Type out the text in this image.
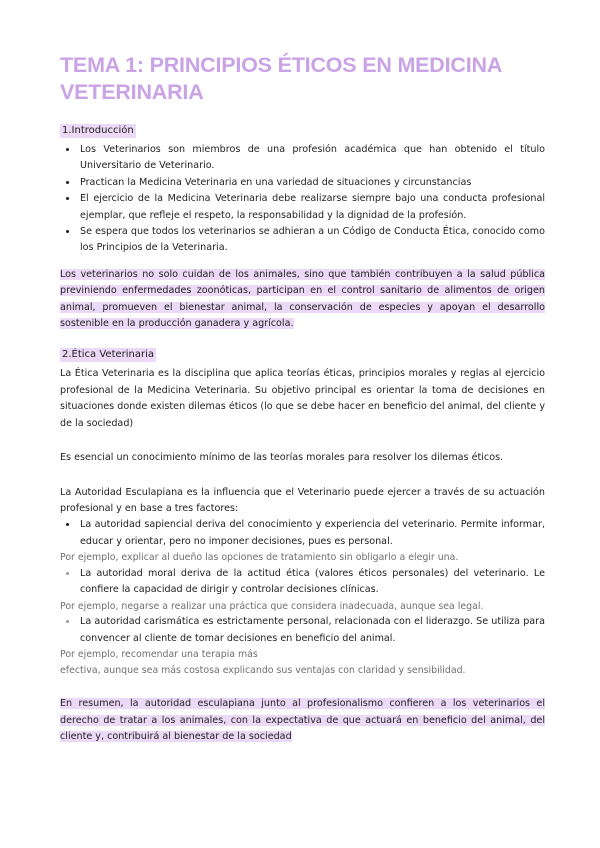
TEMA 1: PRINCIPIOS ÉTICOS EN MEDICINA VETERINARIA
1.Introducción
• Los Veterinarios son miembros de una profesión académica que han obtenido el título Universitario de Veterinario.
• Practican la Medicina Veterinaria en una variedad de situaciones y circunstancias
• El ejercicio de la Medicina Veterinaria debe realizarse siempre bajo una conducta profesional ejemplar, que refleje el respeto, la responsabilidad y la dignidad de la profesión.
• Se espera que todos los veterinarios se adhieran a un Código de Conducta Ética, conocido como los Principios de la Veterinaria.

Los veterinarios no solo cuidan de los animales, sino que también contribuyen a la salud pública previniendo enfermedades zoonóticas, participan en el control sanitario de alimentos de origen animal, promueven el bienestar animal, la conservación de especies y apoyan el desarrollo sostenible en la producción ganadera y agrícola.

2.Ética Veterinaria

La Ética Veterinaria es la disciplina que aplica teorías éticas, principios morales y reglas al ejercicio profesional de la Medicina Veterinaria. Su objetivo principal es orientar la toma de decisiones en situaciones donde existen dilemas éticos (lo que se debe hacer en beneficio del animal, del cliente y de la sociedad)

Es esencial un conocimiento mínimo de las teorías morales para resolver los dilemas éticos.

La Autoridad Esculapiana es la influencia que el Veterinario puede ejercer a través de su actuación profesional y en base a tres factores:

• La autoridad sapiencial deriva del conocimiento y experiencia del veterinario. Permite informar, educar y orientar, pero no imponer decisiones, pues es personal.

Por ejemplo, explicar al dueño las opciones de tratamiento sin obligarlo a elegir una.

• La autoridad moral deriva de la actitud ética (valores éticos personales) del veterinario. Le confiere la capacidad de dirigir y controlar decisiones clínicas.

Por ejemplo, negarse a realizar una práctica que considera inadecuada, aunque sea legal.

• La autoridad carismática es estrictamente personal, relacionada con el liderazgo. Se utiliza para convencer al cliente de tomar decisiones en beneficio del animal.

Por ejemplo, recomendar una terapia más

efectiva, aunque sea más costosa explicando sus ventajas con claridad y sensibilidad.

En resumen, la autoridad esculapiana junto al profesionalismo confieren a los veterinarios el derecho de tratar a los animales, con la expectativa de que actuará en beneficio del animal, del cliente y, contribuirá al bienestar de la sociedad
